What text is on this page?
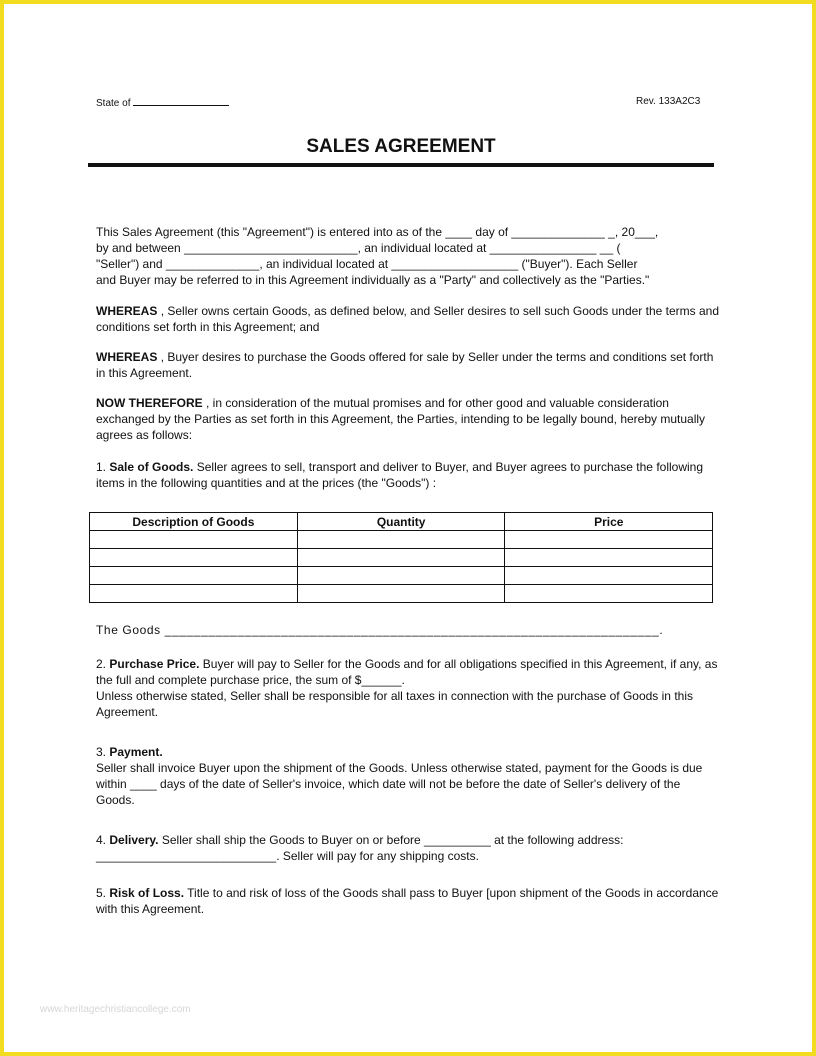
State of	Rev. 133A2C3
SALES AGREEMENT
This Sales Agreement (this "Agreement") is entered into as of the ____ day of ______________ _, 20___,
by and between __________________________, an individual located at ________________ __ (
"Seller") and ______________, an individual located at ___________________ ("Buyer"). Each Seller
and Buyer may be referred to in this Agreement individually as a "Party" and collectively as the "Parties."
WHEREAS , Seller owns certain Goods, as defined below, and Seller desires to sell such Goods under the terms and conditions set forth in this Agreement; and
WHEREAS , Buyer desires to purchase the Goods offered for sale by Seller under the terms and conditions set forth in this Agreement.
NOW THEREFORE , in consideration of the mutual promises and for other good and valuable consideration exchanged by the Parties as set forth in this Agreement, the Parties, intending to be legally bound, hereby mutually agrees as follows:
1. Sale of Goods. Seller agrees to sell, transport and deliver to Buyer, and Buyer agrees to purchase the following items in the following quantities and at the prices (the "Goods") :
Description of Goods	Quantity	Price

The Goods ____________________________________________________________________.
2. Purchase Price. Buyer will pay to Seller for the Goods and for all obligations specified in this Agreement, if any, as the full and complete purchase price, the sum of $______.
Unless otherwise stated, Seller shall be responsible for all taxes in connection with the purchase of Goods in this Agreement.
3. Payment.
Seller shall invoice Buyer upon the shipment of the Goods. Unless otherwise stated, payment for the Goods is due within ____ days of the date of Seller's invoice, which date will not be before the date of Seller's delivery of the Goods.
4. Delivery. Seller shall ship the Goods to Buyer on or before __________ at the following address: ___________________________. Seller will pay for any shipping costs.
5. Risk of Loss. Title to and risk of loss of the Goods shall pass to Buyer [upon shipment of the Goods in accordance with this Agreement.
www.heritagechristiancollege.com
